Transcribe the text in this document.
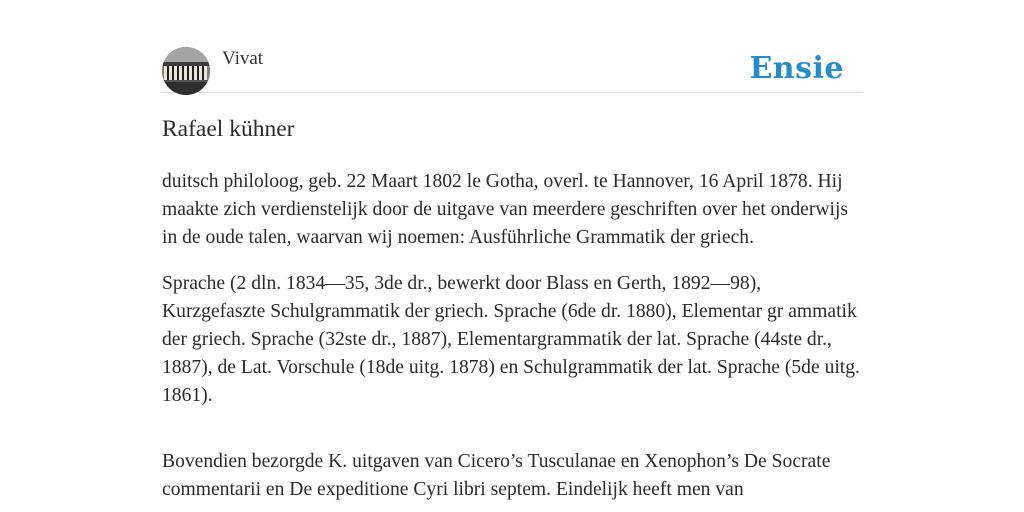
Vivat	Ensie
Rafael kühner

duitsch philoloog, geb. 22 Maart 1802 le Gotha, overl. te Hannover, 16 April 1878. Hij maakte zich verdienstelijk door de uitgave van meerdere geschriften over het onderwijs in de oude talen, waarvan wij noemen: Ausführliche Grammatik der griech.

Sprache (2 dln. 1834—35, 3de dr., bewerkt door Blass en Gerth, 1892—98), Kurzgefaszte Schulgrammatik der griech. Sprache (6de dr. 1880), Elementar gr ammatik der griech. Sprache (32ste dr., 1887), Elementargrammatik der lat. Sprache (44ste dr., 1887), de Lat. Vorschule (18de uitg. 1878) en Schulgrammatik der lat. Sprache (5de uitg. 1861).

Bovendien bezorgde K. uitgaven van Cicero’s Tusculanae en Xenophon’s De Socrate commentarii en De expeditione Cyri libri septem. Eindelijk heeft men van
